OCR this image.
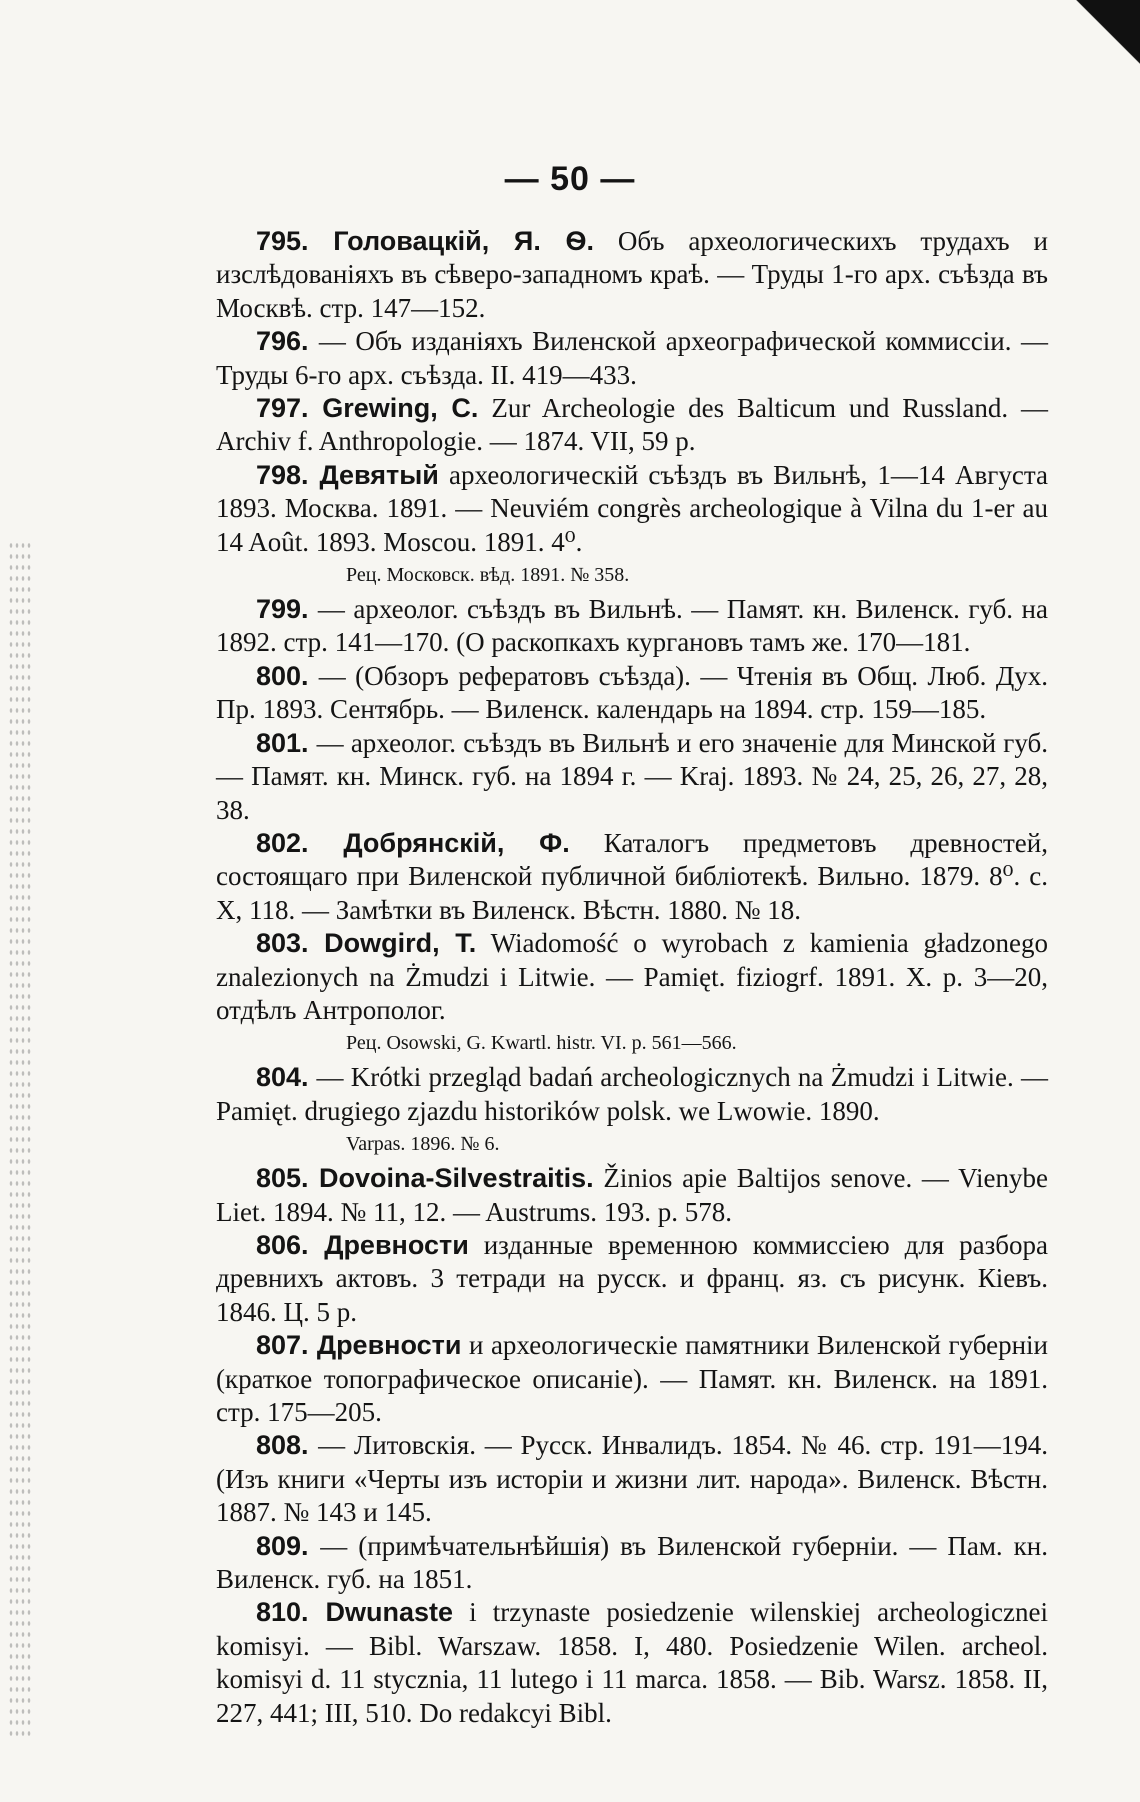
— 50 —

795. Головацкій, Я. Ѳ. Объ археологическихъ трудахъ и изслѣдованіяхъ въ сѣверо-западномъ краѣ. — Труды 1-го арх. съѣзда въ Москвѣ. стр. 147—152.

796. — Объ изданіяхъ Виленской археографической коммиссіи. — Труды 6-го арх. съѣзда. II. 419—433.

797. Grewing, C. Zur Archeologie des Balticum und Russland. — Archiv f. Anthropologie. — 1874. VII, 59 p.

798. Девятый археологическій съѣздъ въ Вильнѣ, 1—14 Августа 1893. Москва. 1891. — Neuviém congrès archeologique à Vilna du 1-er au 14 Août. 1893. Moscou. 1891. 4⁰.

Рец. Московск. вѣд. 1891. № 358.

799. — археолог. съѣздъ въ Вильнѣ. — Памят. кн. Виленск. губ. на 1892. стр. 141—170. (О раскопкахъ кургановъ тамъ же. 170—181.

800. — (Обзоръ рефератовъ съѣзда). — Чтенія въ Общ. Люб. Дух. Пр. 1893. Сентябрь. — Виленск. календарь на 1894. стр. 159—185.

801. — археолог. съѣздъ въ Вильнѣ и его значеніе для Минской губ. — Памят. кн. Минск. губ. на 1894 г. — Kraj. 1893. № 24, 25, 26, 27, 28, 38.

802. Добрянскій, Ф. Каталогъ предметовъ древностей, состоящаго при Виленской публичной библіотекѣ. Вильно. 1879. 8⁰. с. X, 118. — Замѣтки въ Виленск. Вѣстн. 1880. № 18.

803. Dowgird, T. Wiadomość o wyrobach z kamienia gładzonego znalezionych na Żmudzi i Litwie. — Pamięt. fiziogrf. 1891. X. p. 3—20, отдѣлъ Антрополог.

Рец. Osowski, G. Kwartl. histr. VI. p. 561—566.

804. — Krótki przegląd badań archeologicznych na Żmudzi i Litwie. — Pamięt. drugiego zjazdu historików polsk. we Lwowie. 1890.

Varpas. 1896. № 6.

805. Dovoina-Silvestraitis. Žinios apie Baltijos senove. — Vienybe Liet. 1894. № 11, 12. — Austrums. 193. p. 578.

806. Древности изданные временною коммиссіею для разбора древнихъ актовъ. 3 тетради на русск. и франц. яз. съ рисунк. Кіевъ. 1846. Ц. 5 р.

807. Древности и археологическіе памятники Виленской губерніи (краткое топографическое описаніе). — Памят. кн. Виленск. на 1891. стр. 175—205.

808. — Литовскія. — Русск. Инвалидъ. 1854. № 46. стр. 191—194. (Изъ книги «Черты изъ исторіи и жизни лит. народа». Виленск. Вѣстн. 1887. № 143 и 145.

809. — (примѣчательнѣйшія) въ Виленской губерніи. — Пам. кн. Виленск. губ. на 1851.

810. Dwunaste i trzynaste posiedzenie wilenskiej archeologicznei komisyi. — Bibl. Warszaw. 1858. I, 480. Posiedzenie Wilen. archeol. komisyi d. 11 stycznia, 11 lutego i 11 marca. 1858. — Bib. Warsz. 1858. II, 227, 441; III, 510. Do redakcyi Bibl.
